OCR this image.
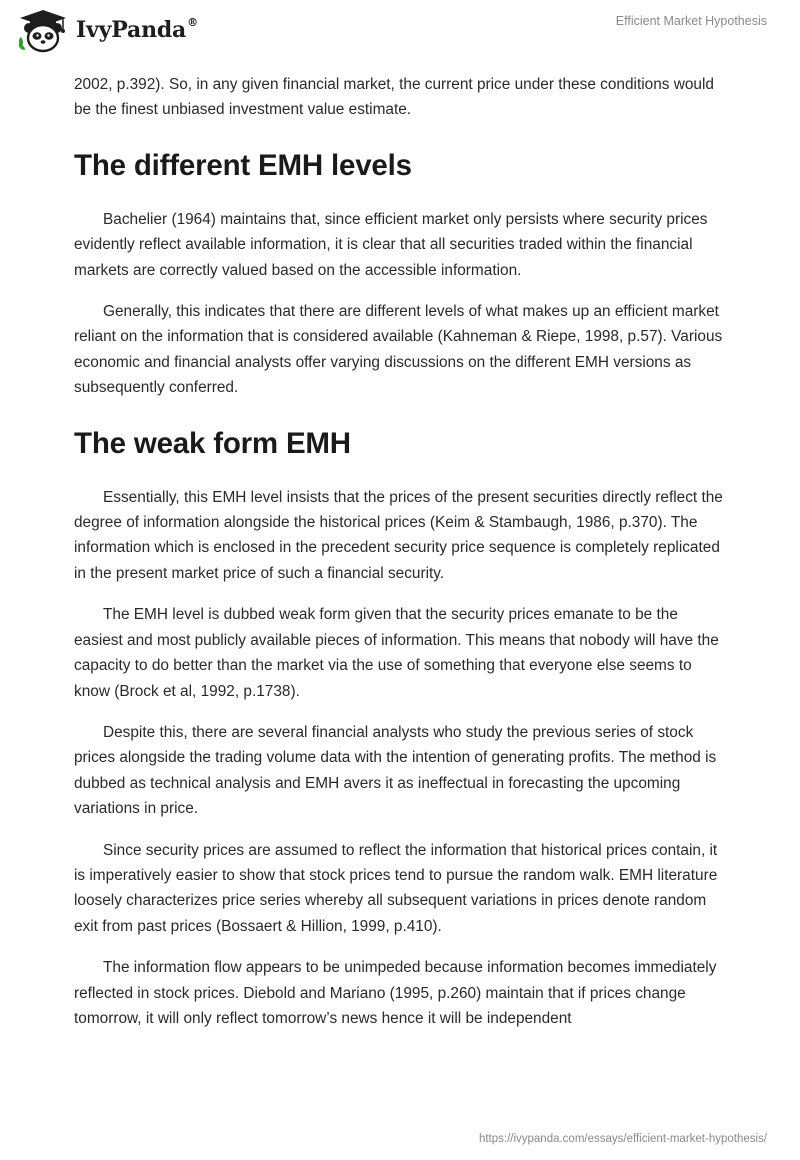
IvyPanda®	Efficient Market Hypothesis

2002, p.392). So, in any given financial market, the current price under these conditions would be the finest unbiased investment value estimate.

The different EMH levels

Bachelier (1964) maintains that, since efficient market only persists where security prices evidently reflect available information, it is clear that all securities traded within the financial markets are correctly valued based on the accessible information.

Generally, this indicates that there are different levels of what makes up an efficient market reliant on the information that is considered available (Kahneman & Riepe, 1998, p.57). Various economic and financial analysts offer varying discussions on the different EMH versions as subsequently conferred.

The weak form EMH

Essentially, this EMH level insists that the prices of the present securities directly reflect the degree of information alongside the historical prices (Keim & Stambaugh, 1986, p.370). The information which is enclosed in the precedent security price sequence is completely replicated in the present market price of such a financial security.

The EMH level is dubbed weak form given that the security prices emanate to be the easiest and most publicly available pieces of information. This means that nobody will have the capacity to do better than the market via the use of something that everyone else seems to know (Brock et al, 1992, p.1738).

Despite this, there are several financial analysts who study the previous series of stock prices alongside the trading volume data with the intention of generating profits. The method is dubbed as technical analysis and EMH avers it as ineffectual in forecasting the upcoming variations in price.

Since security prices are assumed to reflect the information that historical prices contain, it is imperatively easier to show that stock prices tend to pursue the random walk. EMH literature loosely characterizes price series whereby all subsequent variations in prices denote random exit from past prices (Bossaert & Hillion, 1999, p.410).

The information flow appears to be unimpeded because information becomes immediately reflected in stock prices. Diebold and Mariano (1995, p.260) maintain that if prices change tomorrow, it will only reflect tomorrow’s news hence it will be independent

https://ivypanda.com/essays/efficient-market-hypothesis/
